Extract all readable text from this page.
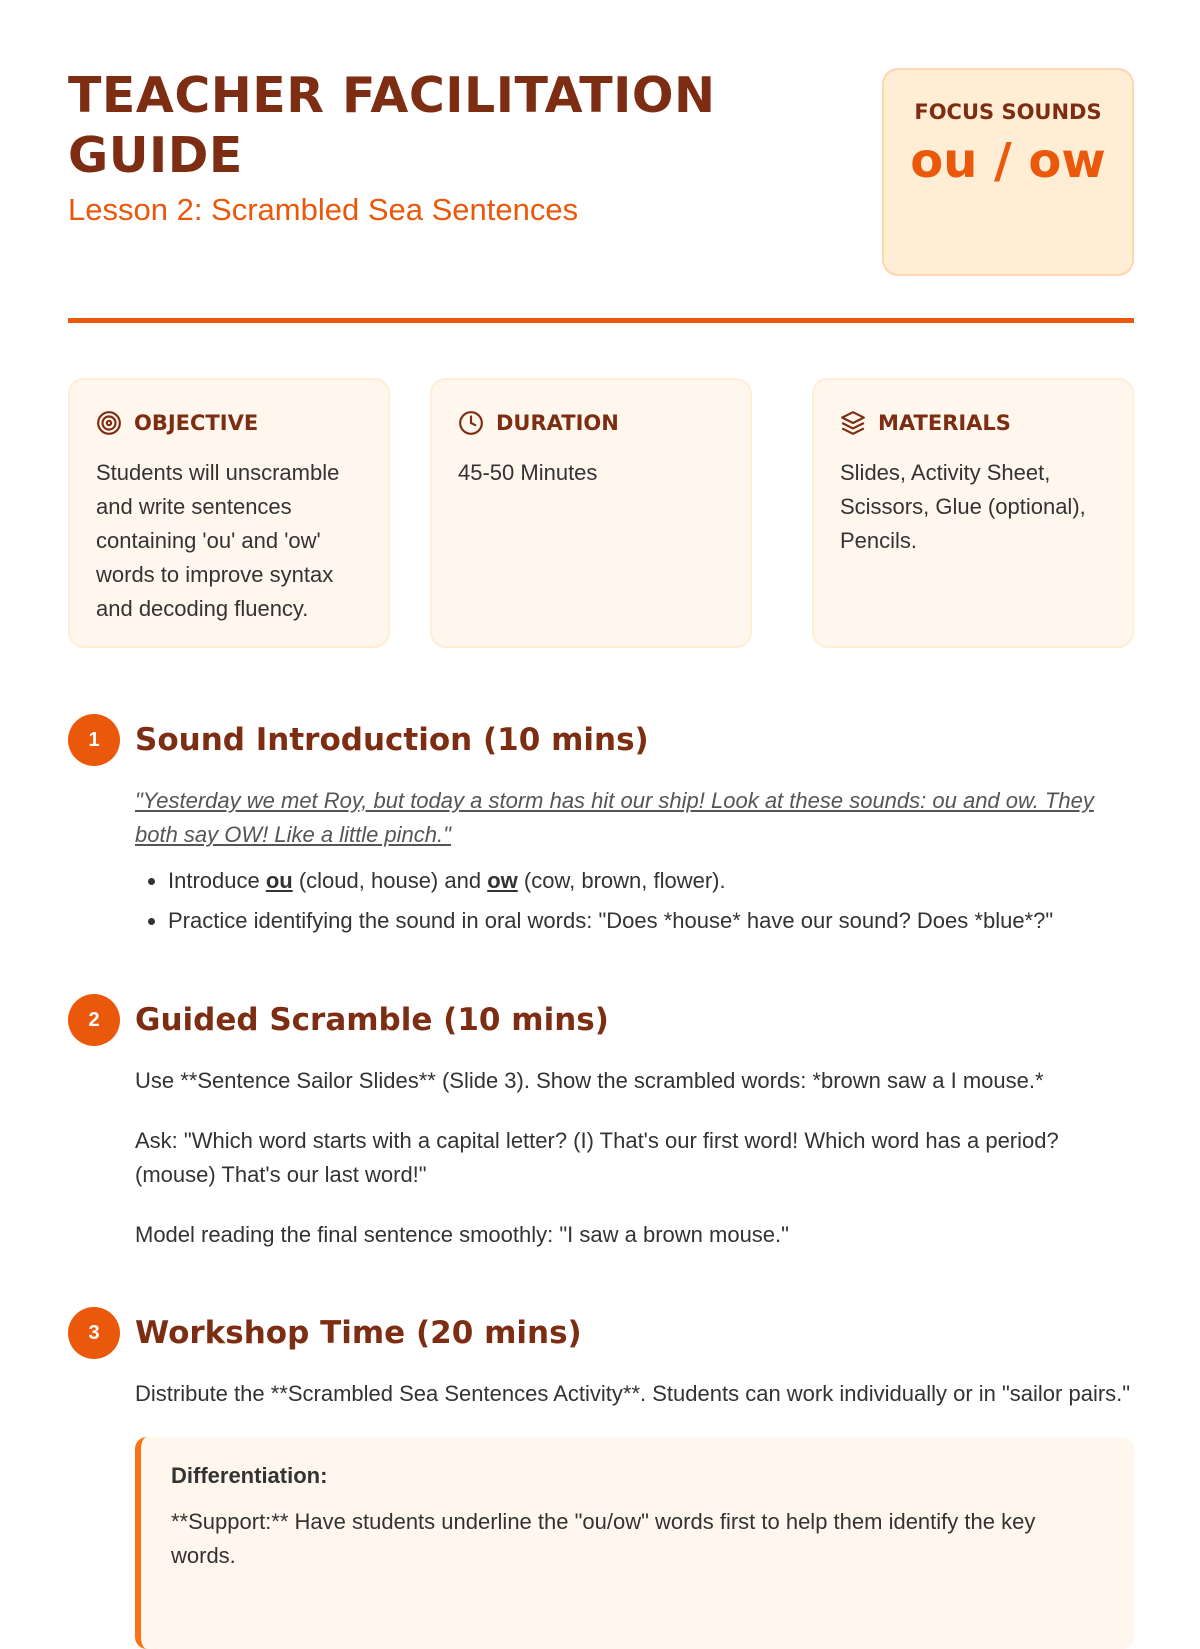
TEACHER FACILITATION GUIDE
Lesson 2: Scrambled Sea Sentences
FOCUS SOUNDS
ou / ow
OBJECTIVE
Students will unscramble and write sentences containing 'ou' and 'ow' words to improve syntax and decoding fluency.
DURATION
45-50 Minutes
MATERIALS
Slides, Activity Sheet, Scissors, Glue (optional), Pencils.
1	Sound Introduction (10 mins)

"Yesterday we met Roy, but today a storm has hit our ship! Look at these sounds: ou and ow. They both say OW! Like a little pinch."

• Introduce ou (cloud, house) and ow (cow, brown, flower).
• Practice identifying the sound in oral words: "Does *house* have our sound? Does *blue*?"
2	Guided Scramble (10 mins)

Use **Sentence Sailor Slides** (Slide 3). Show the scrambled words: *brown saw a I mouse.*

Ask: "Which word starts with a capital letter? (I) That's our first word! Which word has a period? (mouse) That's our last word!"

Model reading the final sentence smoothly: "I saw a brown mouse."

3	Workshop Time (20 mins)

Distribute the **Scrambled Sea Sentences Activity**. Students can work individually or in "sailor pairs."

Differentiation:
**Support:** Have students underline the "ou/ow" words first to help them identify the key words.
